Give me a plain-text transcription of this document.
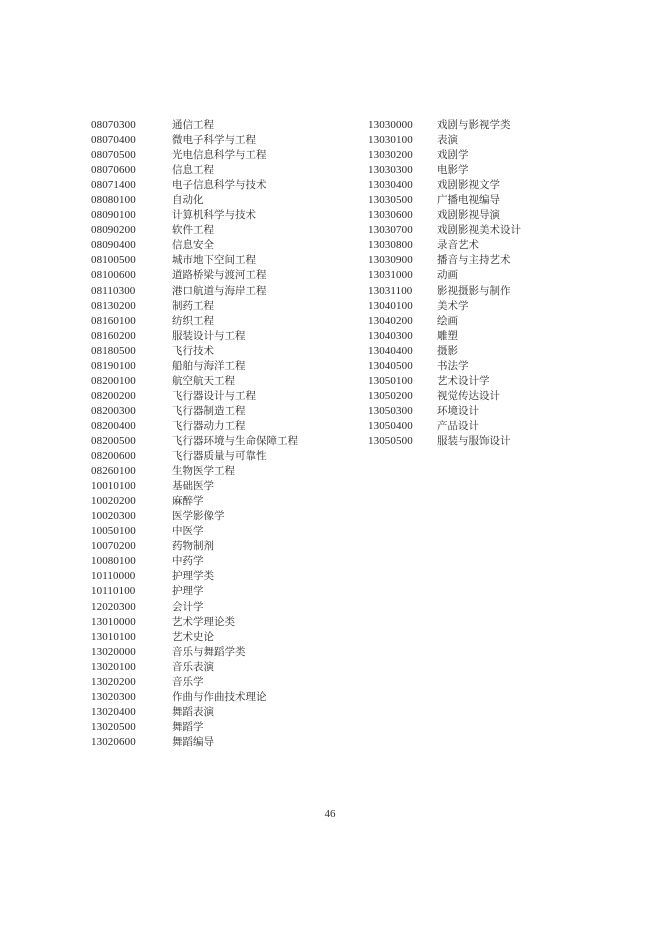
08070300	通信工程
08070400	微电子科学与工程
08070500	光电信息科学与工程
08070600	信息工程
08071400	电子信息科学与技术
08080100	自动化
08090100	计算机科学与技术
08090200	软件工程
08090400	信息安全
08100500	城市地下空间工程
08100600	道路桥梁与渡河工程
08110300	港口航道与海岸工程
08130200	制药工程
08160100	纺织工程
08160200	服装设计与工程
08180500	飞行技术
08190100	船舶与海洋工程
08200100	航空航天工程
08200200	飞行器设计与工程
08200300	飞行器制造工程
08200400	飞行器动力工程
08200500	飞行器环境与生命保障工程
08200600	飞行器质量与可靠性
08260100	生物医学工程
10010100	基础医学
10020200	麻醉学
10020300	医学影像学
10050100	中医学
10070200	药物制剂
10080100	中药学
10110000	护理学类
10110100	护理学
12020300	会计学
13010000	艺术学理论类
13010100	艺术史论
13020000	音乐与舞蹈学类
13020100	音乐表演
13020200	音乐学
13020300	作曲与作曲技术理论
13020400	舞蹈表演
13020500	舞蹈学
13020600	舞蹈编导
13030000 戏剧与影视学类
13030100 表演
13030200 戏剧学
13030300 电影学
13030400 戏剧影视文学
13030500 广播电视编导
13030600 戏剧影视导演
13030700 戏剧影视美术设计
13030800 录音艺术
13030900 播音与主持艺术
13031000 动画
13031100 影视摄影与制作
13040100 美术学
13040200 绘画
13040300 雕塑
13040400 摄影
13040500 书法学
13050100 艺术设计学
13050200 视觉传达设计
13050300 环境设计
13050400 产品设计
13050500 服装与服饰设计
46
